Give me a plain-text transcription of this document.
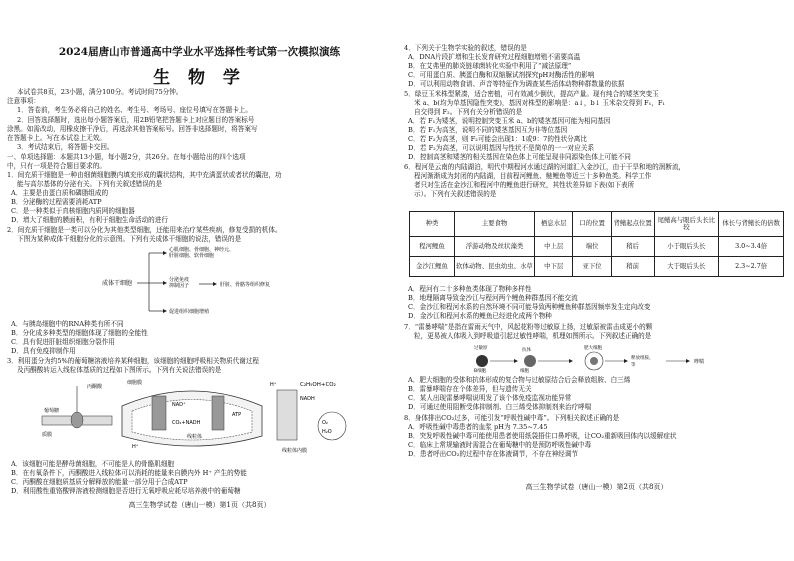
2024届唐山市普通高中学业水平选择性考试第一次模拟演练
生 物 学
本试卷共8页，23小题，满分100分。考试时间75分钟。
注意事项：
1．答卷前，考生务必将自己的姓名、考生号、考场号、座位号填写在答题卡上。
2．回答选择题时，选出每小题答案后，用2B铅笔把答题卡上对应题目的答案标号
涂黑。如需改动，用橡皮擦干净后，再选涂其他答案标号。回答非选择题时，将答案写
在答题卡上。写在本试卷上无效。
3．考试结束后，将答题卡交回。
一、单项选择题：本题共13小题，每小题2分，共26分。在每小题给出的四个选项
中，只有一项是符合题目要求的。
1．间充质干细胞是一种由细菌细胞膜内填充形成的囊状结构，其中充满蛋状或者状的囊泡，功
能与高尔基体的分泌有关。下列有关叙述错误的是
A．主要是由蛋白质和磷脂组成的
B．分泌酶的过程需要消耗ATP
C．是一种类似于真核细胞内质网的细胞器
D．增大了细胞的膜面积，有利于细胞生命活动的进行
2．间充质干细胞是一类可以分化为其他类型细胞，还能用来治疗某些疾病，修复受损的机体。
下图为某种成体干细胞分化的示意图。下列有关成体干细胞的说法，错误的是
成体干细胞
心肌细胞、骨细胞、神经元、
肝脏细胞、软骨细胞
分泌免疫
抑制因子	肝脏、骨骼等组织修复
促进组织细胞增殖
A．与胰岛细胞中的RNA种类有所不同
B．分化成多种类型的细胞体现了细胞的全能性
C．具有促进肝脏组织细胞分裂作用
D．具有免疫抑制作用
3．利用蛋分为约5%的葡萄糖溶液培养某种细胞，该细胞的细胞呼吸相关物质代谢过程
及丙酮酸转运入线粒体基质的过程如下图所示。下列有关说法错误的是
葡萄糖
质膜
丙酮酸
细胞膜
NAD⁺
H⁺
CO₂+NADH
线粒体
ATP
H⁺
NADH
C₂H₅OH+CO₂
O₂
H₂O
线粒体内膜
A．该细胞可能是酵母菌细胞，不可能是人的骨骼肌细胞
B．在有氧条件下，丙酮酸进入线粒体可以消耗的能量来自膜内外 H⁺ 产生的势能
C．丙酮酸在细胞质基质分解释放的能量一部分用于合成ATP
D．利用酸性重铬酸钾溶液检测细胞是否进行无氧呼吸应耗尽培养液中的葡萄糖
高三生物学试卷（唐山一模）第1页（共8页）
4．下列关于生物学实验的叙述，错误的是
A．DNA片段扩增和生长发育研究过程细胞增殖不需要高温
B．在艾弗里的肺炎链球菌转化实验中利用了“减法原理”
C．可用蛋白质、胰蛋白酶和双缩脲试剂探究pH对酶活性的影响
D．可以利用动物食谱、声音等特征作为调查某些活体动物种群数量的依据
5．绿豆玉米株型紧凑，适合密植，可有效减少倒伏，提高产量。现有纯合的矮茎突变玉
米 a、b(均为单基因隐性突变)，基因对株型的影响是：a↓，b↓ 玉米杂交得到 F₁，F₁
自交得到 F₂。下列有关分析错误的是
A．若 F₁为矮茎，说明控制突变玉米 a、b的矮茎基因可能为相同基因
B．若 F₁为高茎，说明不同的矮茎基因互为非等位基因
C．若 F₂为高茎，则 F₂可能会出现1：1或9：7的性状分离比
D．若 F₂为高茎，可以说明基因与性状不是简单的一一对应关系
D．控制高茎和矮茎的相关基因在染色体上可能呈现非同源染色体上可能不同
6．程河是云南的内陆湖泊，明代中期程河水通过湖的河道汇入金沙江，由于干旱和地的润断流，
程河渐渐成为封闭的内陆湖，目前程河鲤鱼、鲢鲤鱼等近三十多种鱼类。科学工作
者只对生活在金沙江和程河中的鲤鱼进行研究，其性状差异如下表(如下表所
示）。下列有关叙述错误的是
种类	主要食物	栖息水层	口的位置	背鳍起点位置	尾鳍高与眼后头长比较	体长与背鳍长的倍数
程河鲤鱼	浮游动物及丝状藻类	中上层	端位	稍后	小于眼后头长	3.0~3.4倍
金沙江鲤鱼	软体动物、昆虫幼虫、水草	中下层	亚下位	稍前	大于眼后头长	2.3~2.7倍
A．程河有二十多种鱼类体现了物种多样性
B．地理隔离导致金沙江与程河两个鲤鱼种群基因不能交流
C．金沙江和程河水系的自然环境不同可能导致两种鲤鱼种群基因频率发生定向改变
D．金沙江和程河水系的鲤鱼已经进化成两个物种
7．“雷暴哮喘”是指在雷雨天气中，风起花粉等过敏原上扬，过敏原被雷击成更小的颗
粒，更易被人体吸入到呼吸道引起过敏性哮喘，机理如图所示。下列叙述正确的是
过敏原
B细胞
抗体
细胞
肥大细胞
释放组胺、
等
哮喘
A．肥大细胞的受体和抗体形成的复合物与过敏原结合后会释放组胺、白三烯
B．雷暴哮喘存在个体差异，但与遗传无关
C．某人出现雷暴哮喘说明发了该个体免疫监视功能异常
D．可通过使用阻断受体抑制剂、白三烯受体抑制剂来治疗哮喘
8．身体排出CO₂过多，可能引发“呼吸性碱中毒”。下列相关叙述正确的是
A．呼吸性碱中毒患者的血浆 pH为 7.35~7.45
B．突发呼吸性碱中毒可能使用患者使用纸袋捂住口鼻呼吸，让CO₂重新吸回体内以缓解症状
C．临床上常规输液时需混合在葡萄糖中的是预防呼吸性碱中毒
D．患者呼出CO₂的过程中存在体液调节，不存在神经调节
高三生物学试卷（唐山一模）第2页（共8页）
